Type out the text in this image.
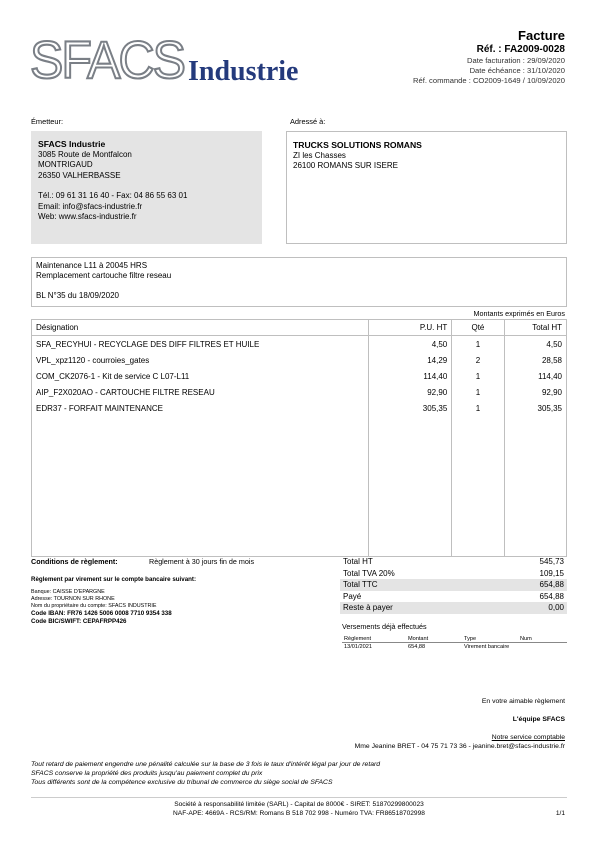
SFACS Industrie
Facture
Réf. : FA2009-0028
Date facturation : 29/09/2020
Date échéance : 31/10/2020
Réf. commande : CO2009-1649 / 10/09/2020
Émetteur:	Adressé à:
SFACS Industrie
3085 Route de Montfalcon
MONTRIGAUD
26350 VALHERBASSE
Tél.: 09 61 31 16 40 - Fax: 04 86 55 63 01
Email: info@sfacs-industrie.fr
Web: www.sfacs-industrie.fr
TRUCKS SOLUTIONS ROMANS
ZI les Chasses
26100 ROMANS SUR ISERE
Maintenance L11 à 20045 HRS
Remplacement cartouche filtre reseau
BL N°35 du 18/09/2020
Montants exprimés en Euros
Désignation	P.U. HT	Qté	Total HT
SFA_RECYHUI - RECYCLAGE DES DIFF FILTRES ET HUILE	4,50	1	4,50
VPL_xpz1120 - courroies_gates	14,29	2	28,58
COM_CK2076-1 - Kit de service C L07-L11	114,40	1	114,40
AIP_F2X020AO - CARTOUCHE FILTRE RESEAU	92,90	1	92,90
EDR37 - FORFAIT MAINTENANCE	305,35	1	305,35

Conditions de règlement:	Règlement à 30 jours fin de mois
Règlement par virement sur le compte bancaire suivant:
Banque: CAISSE D'EPARGNE
Adresse: TOURNON SUR RHONE
Nom du propriétaire du compte: SFACS INDUSTRIE
Code IBAN: FR76 1426 5006 0008 7710 9354 338
Code BIC/SWIFT: CEPAFRPP426
Total HT	545,73
Total TVA 20%	109,15
Total TTC	654,88
Payé	654,88
Reste à payer	0,00
Versements déjà effectués
Règlement	Montant	Type	Num
13/01/2021	654,88	Virement bancaire	
En votre aimable règlement
L'équipe SFACS
Notre service comptable
Mme Jeanine BRET - 04 75 71 73 36 - jeanine.bret@sfacs-industrie.fr
Tout retard de paiement engendre une pénalité calculée sur la base de 3 fois le taux d'intérêt légal par jour de retard
SFACS conserve la propriété des produits jusqu'au paiement complet du prix
Tous différents sont de la compétence exclusive du tribunal de commerce du siège social de SFACS
Société à responsabilité limitée (SARL) - Capital de 8000€ - SIRET: 51870299800023
NAF-APE: 4669A - RCS/RM: Romans B 518 702 998 - Numéro TVA: FR86518702998	1/1
